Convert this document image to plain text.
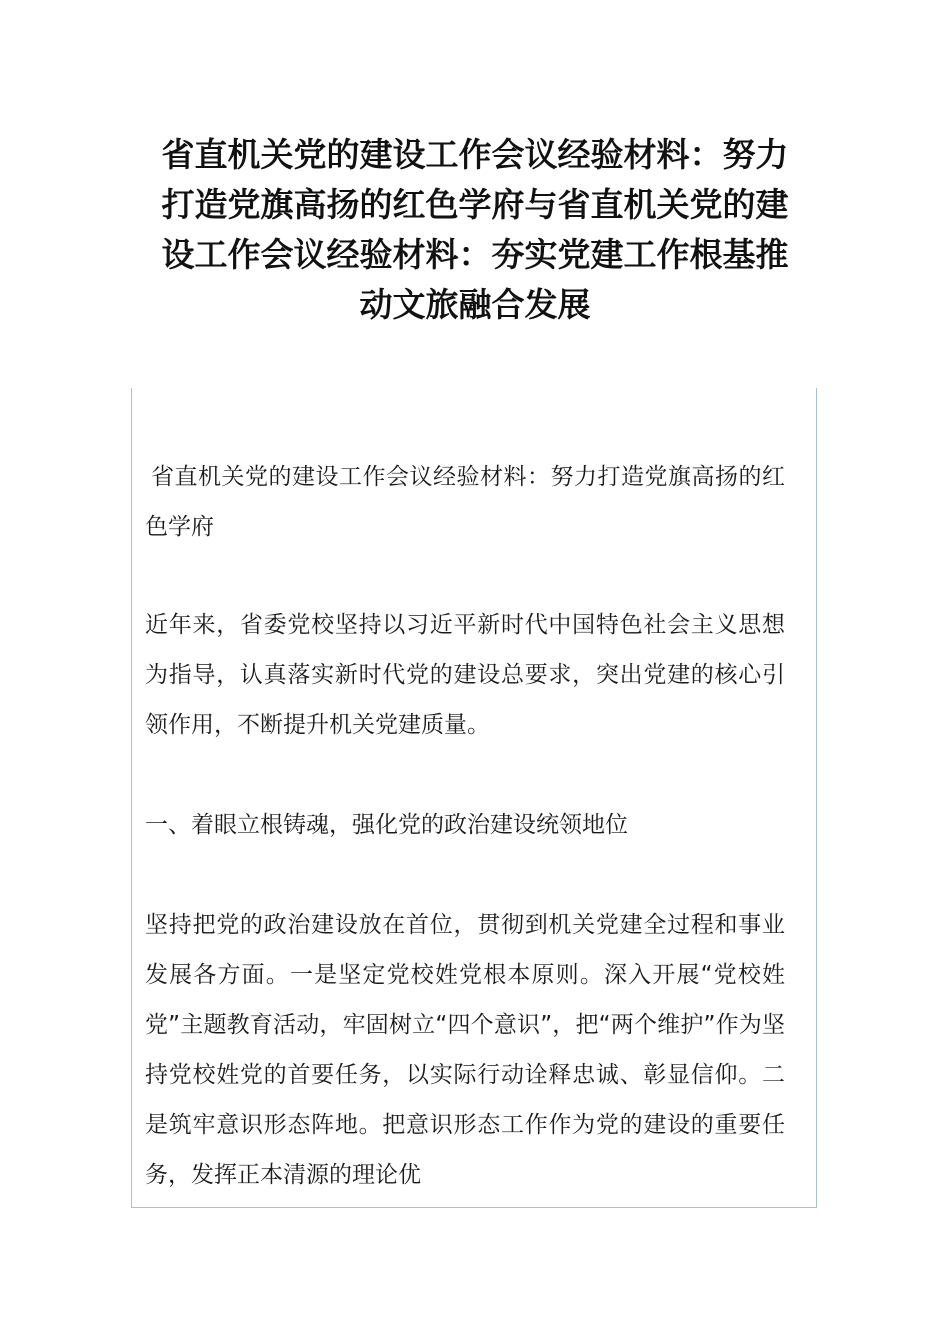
省直机关党的建设工作会议经验材料：努力打造党旗高扬的红色学府与省直机关党的建设工作会议经验材料：夯实党建工作根基推动文旅融合发展

省直机关党的建设工作会议经验材料：努力打造党旗高扬的红色学府

近年来，省委党校坚持以习近平新时代中国特色社会主义思想为指导，认真落实新时代党的建设总要求，突出党建的核心引领作用，不断提升机关党建质量。

一、着眼立根铸魂，强化党的政治建设统领地位

坚持把党的政治建设放在首位，贯彻到机关党建全过程和事业发展各方面。一是坚定党校姓党根本原则。深入开展“党校姓党”主题教育活动，牢固树立“四个意识”，把“两个维护”作为坚持党校姓党的首要任务，以实际行动诠释忠诚、彰显信仰。二是筑牢意识形态阵地。把意识形态工作作为党的建设的重要任务，发挥正本清源的理论优
